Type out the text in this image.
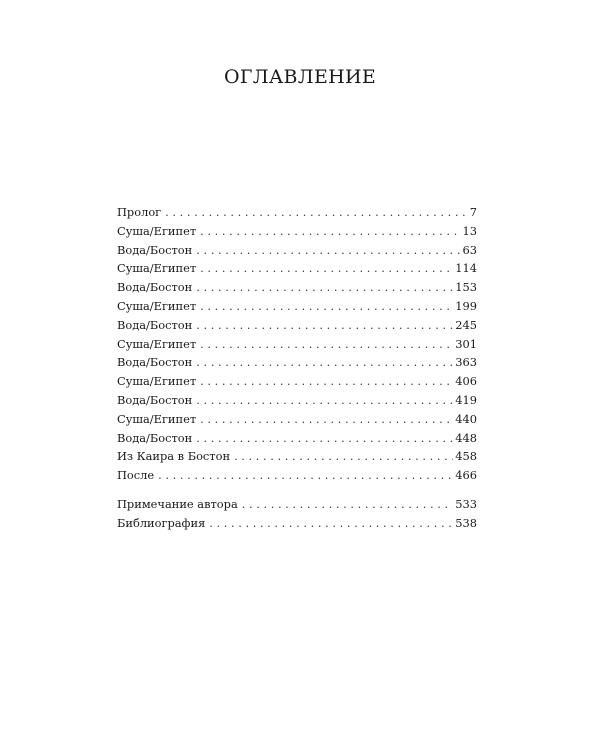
ОГЛАВЛЕНИЕ
Пролог . . .	7
Суша/Египет . . .	13
Вода/Бостон . . .	63
Суша/Египет . . .	114
Вода/Бостон . . .	153
Суша/Египет . . .	199
Вода/Бостон . . .	245
Суша/Египет . . .	301
Вода/Бостон . . .	363
Суша/Египет . . .	406
Вода/Бостон . . .	419
Суша/Египет . . .	440
Вода/Бостон . . .	448
Из Каира в Бостон . . .	458
После . . .	466
Примечание автора . . .	533
Библиография . . .	538
